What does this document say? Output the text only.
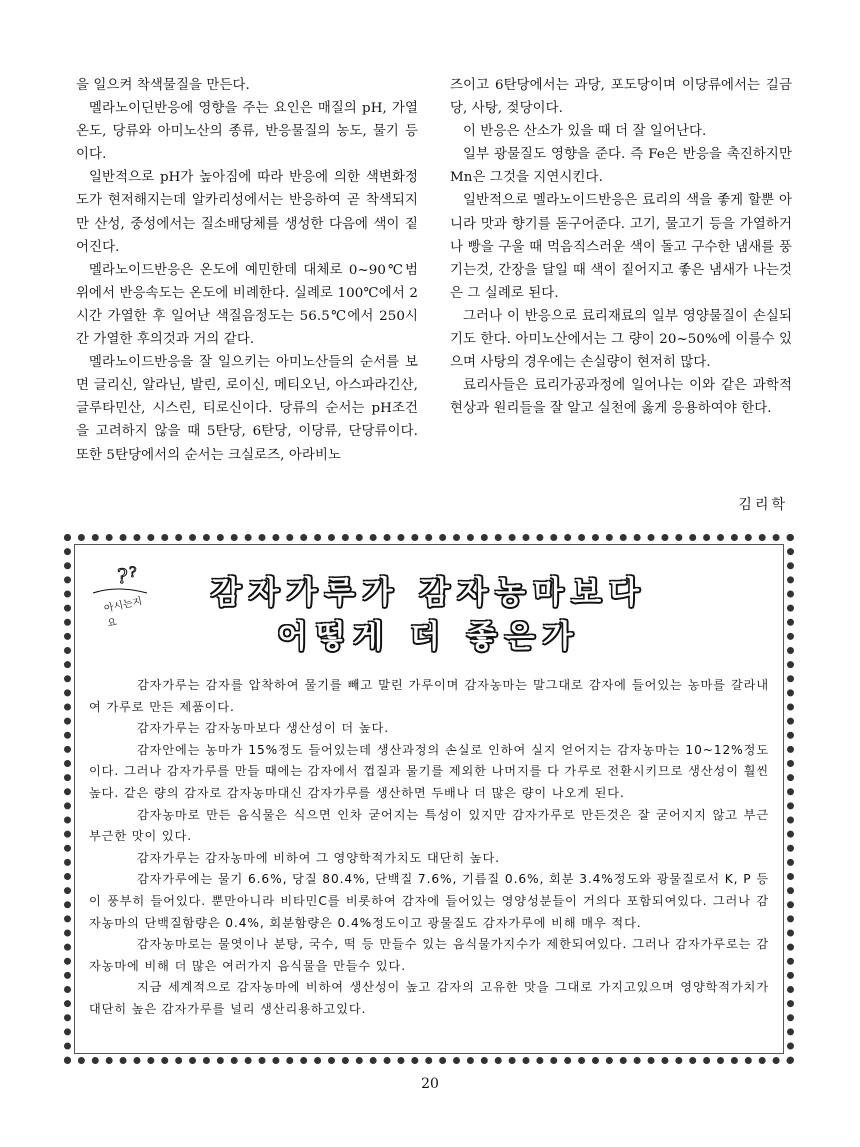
을 일으켜 착색물질을 만든다.

멜라노이딘반응에 영향을 주는 요인은 매질의 pH, 가열온도, 당류와 아미노산의 종류, 반응물질의 농도, 물기 등이다.

일반적으로 pH가 높아짐에 따라 반응에 의한 색변화정도가 현저해지는데 알카리성에서는 반응하여 곧 착색되지만 산성, 중성에서는 질소배당체를 생성한 다음에 색이 짙어진다.

멜라노이드반응은 온도에 예민한데 대체로 0~90℃범위에서 반응속도는 온도에 비례한다. 실례로 100℃에서 2시간 가열한 후 일어난 색질음정도는 56.5℃에서 250시간 가열한 후의것과 거의 같다.

멜라노이드반응을 잘 일으키는 아미노산들의 순서를 보면 글리신, 알라닌, 발린, 로이신, 메티오닌, 아스파라긴산, 글루타민산, 시스린, 티로신이다. 당류의 순서는 pH조건을 고려하지 않을 때 5탄당, 6탄당, 이당류, 단당류이다. 또한 5탄당에서의 순서는 크실로즈, 아라비노

즈이고 6탄당에서는 과당, 포도당이며 이당류에서는 길금당, 사탕, 젖당이다.

이 반응은 산소가 있을 때 더 잘 일어난다.

일부 광물질도 영향을 준다. 즉 Fe은 반응을 촉진하지만 Mn은 그것을 지연시킨다.

일반적으로 멜라노이드반응은 료리의 색을 좋게 할뿐 아니라 맛과 향기를 돋구어준다. 고기, 물고기 등을 가열하거나 빵을 구울 때 먹음직스러운 색이 돌고 구수한 냄새를 풍기는것, 간장을 달일 때 색이 짙어지고 좋은 냄새가 나는것은 그 실례로 된다.

그러나 이 반응으로 료리재료의 일부 영양물질이 손실되기도 한다. 아미노산에서는 그 량이 20~50%에 이를수 있으며 사탕의 경우에는 손실량이 현저히 많다.

료리사들은 료리가공과정에 일어나는 이와 같은 과학적현상과 원리들을 잘 알고 실천에 옳게 응용하여야 한다.

김리학
? ?
아시는지요
감자가루가 감자농마보다
어떻게 더 좋은가

감자가루는 감자를 압착하여 물기를 빼고 말린 가루이며 감자농마는 말그대로 감자에 들어있는 농마를 갈라내여 가루로 만든 제품이다.

감자가루는 감자농마보다 생산성이 더 높다.

감자안에는 농마가 15%정도 들어있는데 생산과정의 손실로 인하여 실지 얻어지는 감자농마는 10~12%정도이다. 그러나 감자가루를 만들 때에는 감자에서 껍질과 물기를 제외한 나머지를 다 가루로 전환시키므로 생산성이 훨씬 높다. 같은 량의 감자로 감자농마대신 감자가루를 생산하면 두배나 더 많은 량이 나오게 된다.

감자농마로 만든 음식물은 식으면 인차 굳어지는 특성이 있지만 감자가루로 만든것은 잘 굳어지지 않고 부근부근한 맛이 있다.

감자가루는 감자농마에 비하여 그 영양학적가치도 대단히 높다.

감자가루에는 물기 6.6%, 당질 80.4%, 단백질 7.6%, 기름질 0.6%, 회분 3.4%정도와 광물질로서 K, P 등이 풍부히 들어있다. 뿐만아니라 비타민C를 비롯하여 감자에 들어있는 영양성분들이 거의다 포함되여있다. 그러나 감자농마의 단백질함량은 0.4%, 회분함량은 0.4%정도이고 광물질도 감자가루에 비해 매우 적다.

감자농마로는 물엿이나 분탕, 국수, 떡 등 만들수 있는 음식물가지수가 제한되여있다. 그러나 감자가루로는 감자농마에 비해 더 많은 여러가지 음식물을 만들수 있다.

지금 세계적으로 감자농마에 비하여 생산성이 높고 감자의 고유한 맛을 그대로 가지고있으며 영양학적가치가 대단히 높은 감자가루를 널리 생산리용하고있다.

20
